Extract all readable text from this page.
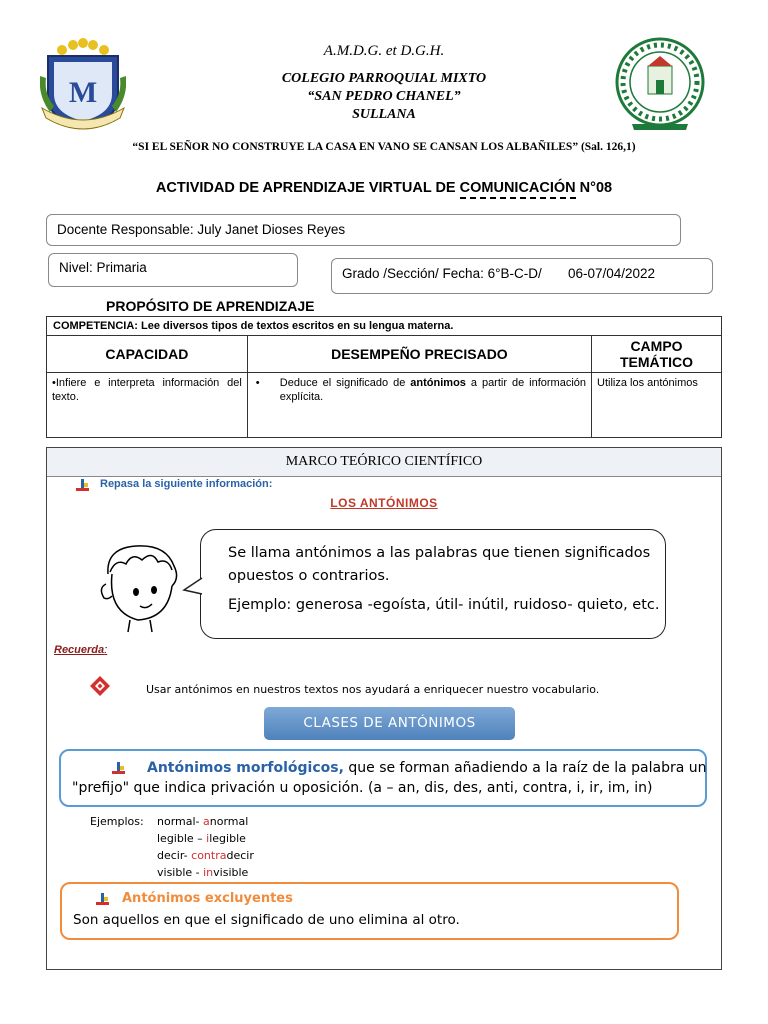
M
A.M.D.G. et D.G.H.
COLEGIO PARROQUIAL MIXTO
“SAN PEDRO CHANEL”
SULLANA
“SI EL SEÑOR NO CONSTRUYE LA CASA EN VANO SE CANSAN LOS ALBAÑILES” (Sal. 126,1)
ACTIVIDAD DE APRENDIZAJE VIRTUAL DE COMUNICACIÓN N°08
Docente Responsable: July Janet Dioses Reyes
Nivel: Primaria	Grado /Sección/ Fecha: 6°B-C-D/       06-07/04/2022
PROPÓSITO DE APRENDIZAJE
COMPETENCIA: Lee diversos tipos de textos escritos en su lengua materna.		
CAPACIDAD	DESEMPEÑO PRECISADO	CAMPO TEMÁTICO
•Infiere e interpreta información del texto.	• Deduce el significado de antónimos a partir de información explícita.	Utiliza los antónimos
MARCO TEÓRICO CIENTÍFICO
Repasa la siguiente información:
LOS ANTÓNIMOS
Se llama antónimos a las palabras que tienen significados
opuestos o contrarios.
Ejemplo: generosa -egoísta, útil- inútil, ruidoso- quieto, etc.
Recuerda:
Usar antónimos en nuestros textos nos ayudará a enriquecer nuestro vocabulario.
CLASES DE ANTÓNIMOS
Antónimos morfológicos, que se forman añadiendo a la raíz de la palabra un
"prefijo" que indica privación u oposición. (a – an, dis, des, anti, contra, i, ir, im, in)
Ejemplos: normal- anormal
legible – ilegible
decir- contradecir
visible - invisible
Antónimos excluyentes
Son aquellos en que el significado de uno elimina al otro.
